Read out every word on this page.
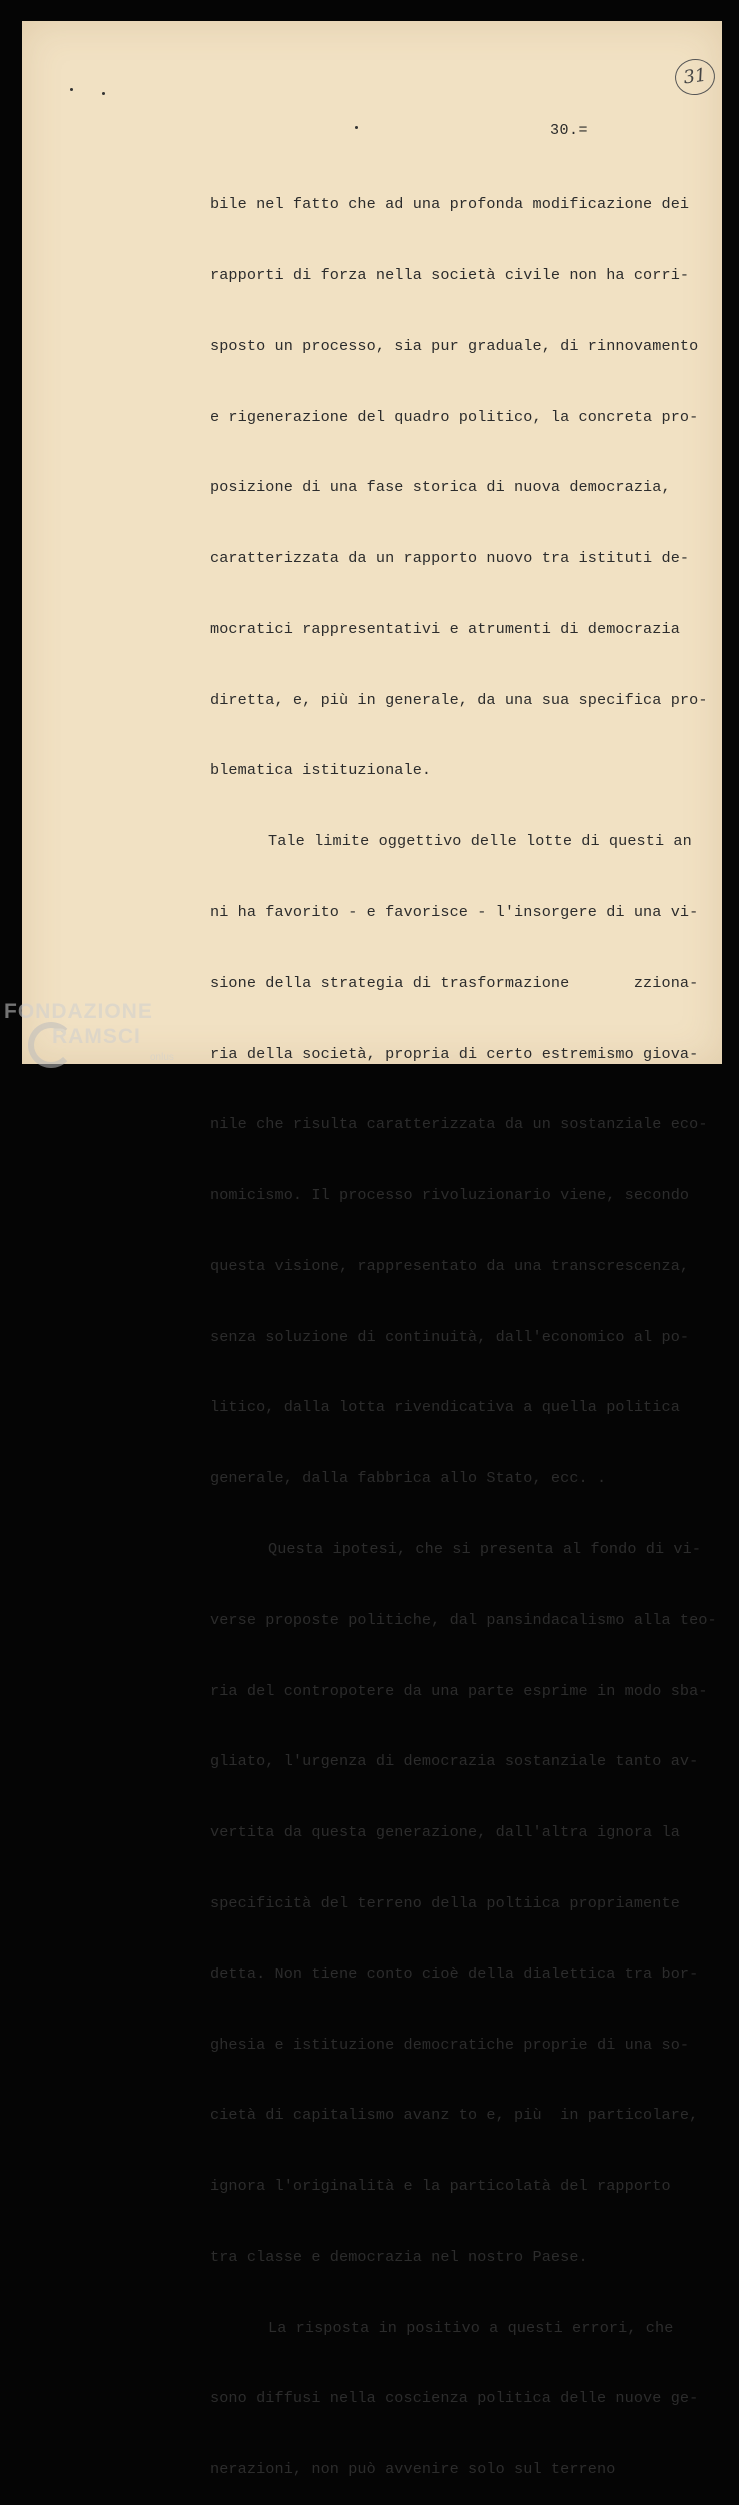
31
30.=

bile nel fatto che ad una profonda modificazione dei

rapporti di forza nella società civile non ha corri-

sposto un processo, sia pur graduale, di rinnovamento

e rigenerazione del quadro politico, la concreta pro-

posizione di una fase storica di nuova democrazia,

caratterizzata da un rapporto nuovo tra istituti de-

mocratici rappresentativi e atrumenti di democrazia

diretta, e, più in generale, da una sua specifica pro-

blematica istituzionale.

Tale limite oggettivo delle lotte di questi an

ni ha favorito - e favorisce - l'insorgere di una vi-

sione della strategia di trasformazione       zziona-

ria della società, propria di certo estremismo giova-

nile che risulta caratterizzata da un sostanziale eco-

nomicismo. Il processo rivoluzionario viene, secondo

questa visione, rappresentato da una transcrescenza,

senza soluzione di continuità, dall'economico al po-

litico, dalla lotta rivendicativa a quella politica

generale, dalla fabbrica allo Stato, ecc. .

Questa ipotesi, che si presenta al fondo di vi-

verse proposte politiche, dal pansindacalismo alla teo-

ria del contropotere da una parte esprime in modo sba-

gliato, l'urgenza di democrazia sostanziale tanto av-

vertita da questa generazione, dall'altra ignora la

specificità del terreno della poltiica propriamente

detta. Non tiene conto cioè della dialettica tra bor-

ghesia e istituzione democratiche proprie di una so-

cietà di capitalismo avanz to e, più  in particolare,

ignora l'originalità e la particolatà del rapporto

tra classe e democrazia nel nostro Paese.

La risposta in positivo a questi errori, che

sono diffusi nella coscienza politica delle nuove ge-

nerazioni, non può avvenire solo sul terreno

FONDAZIONE
RAMSCI
onlus
